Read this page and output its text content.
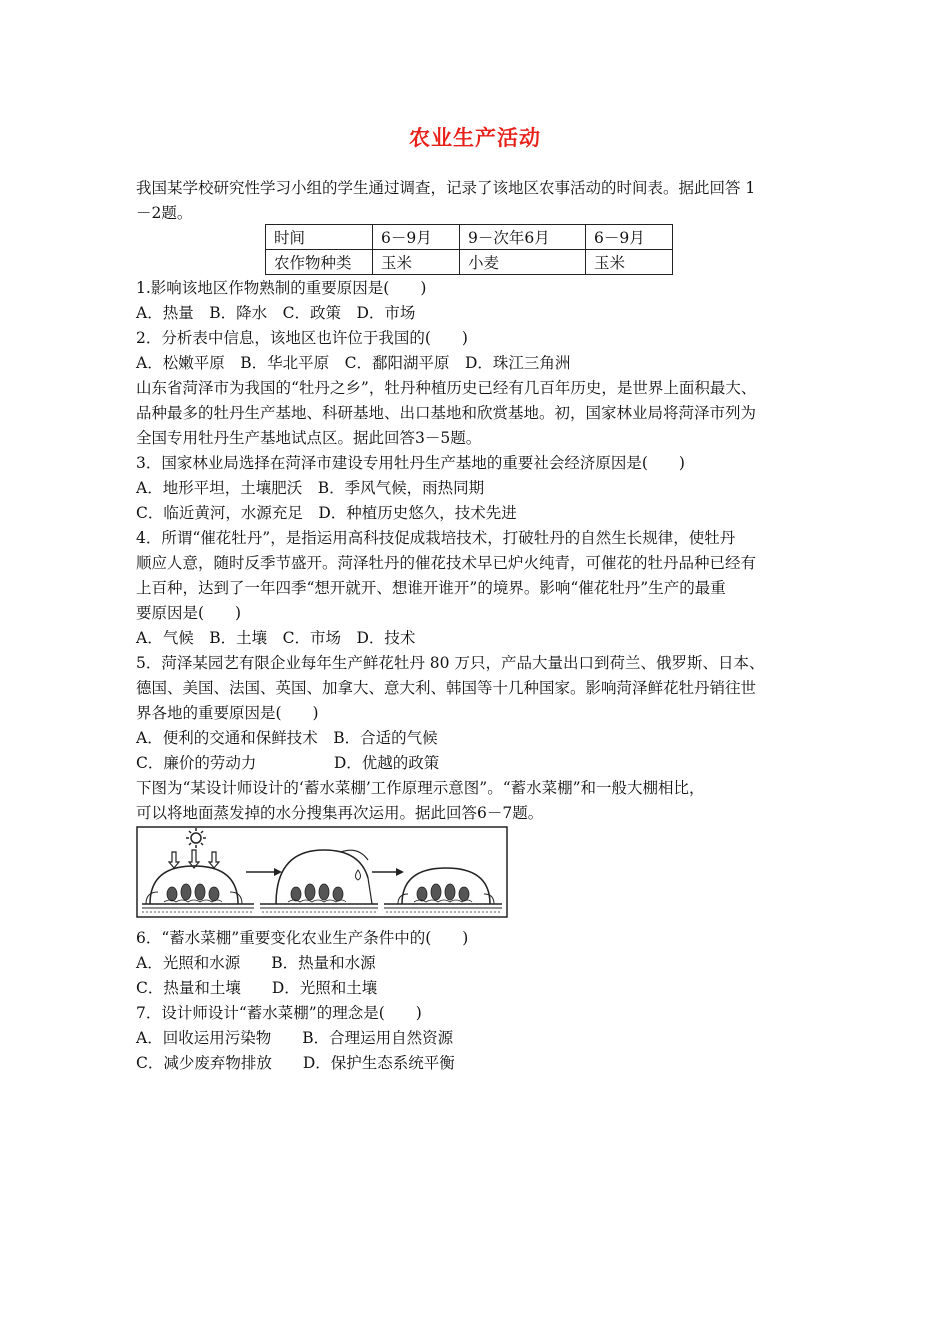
农业生产活动
我国某学校研究性学习小组的学生通过调查，记录了该地区农事活动的时间表。据此回答 1
－2题。
时间	6－9月	9－次年6月	6－9月
农作物种类	玉米	小麦	玉米
1.影响该地区作物熟制的重要原因是(　　)
A．热量　B．降水　C．政策　D．市场
2．分析表中信息，该地区也许位于我国的(　　)
A．松嫩平原　B．华北平原　C．鄱阳湖平原　D．珠江三角洲
山东省菏泽市为我国的“牡丹之乡”，牡丹种植历史已经有几百年历史，是世界上面积最大、
品种最多的牡丹生产基地、科研基地、出口基地和欣赏基地。初，国家林业局将菏泽市列为
全国专用牡丹生产基地试点区。据此回答3－5题。
3．国家林业局选择在菏泽市建设专用牡丹生产基地的重要社会经济原因是(　　)
A．地形平坦，土壤肥沃　B．季风气候，雨热同期
C．临近黄河，水源充足　D．种植历史悠久，技术先进
4．所谓“催花牡丹”，是指运用高科技促成栽培技术，打破牡丹的自然生长规律，使牡丹
顺应人意，随时反季节盛开。菏泽牡丹的催花技术早已炉火纯青，可催花的牡丹品种已经有
上百种，达到了一年四季“想开就开、想谁开谁开”的境界。影响“催花牡丹”生产的最重
要原因是(　　)
A．气候　B．土壤　C．市场　D．技术
5．菏泽某园艺有限企业每年生产鲜花牡丹 80 万只，产品大量出口到荷兰、俄罗斯、日本、
德国、美国、法国、英国、加拿大、意大利、韩国等十几种国家。影响菏泽鲜花牡丹销往世
界各地的重要原因是(　　)
A．便利的交通和保鲜技术　B．合适的气候
C．廉价的劳动力　　　　　D．优越的政策
下图为“某设计师设计的‘蓄水菜棚’工作原理示意图”。“蓄水菜棚”和一般大棚相比，
可以将地面蒸发掉的水分搜集再次运用。据此回答6－7题。
6．“蓄水菜棚”重要变化农业生产条件中的(　　)
A．光照和水源　　B．热量和水源
C．热量和土壤　　D．光照和土壤
7．设计师设计“蓄水菜棚”的理念是(　　)
A．回收运用污染物　　B．合理运用自然资源
C．减少废弃物排放　　D．保护生态系统平衡
